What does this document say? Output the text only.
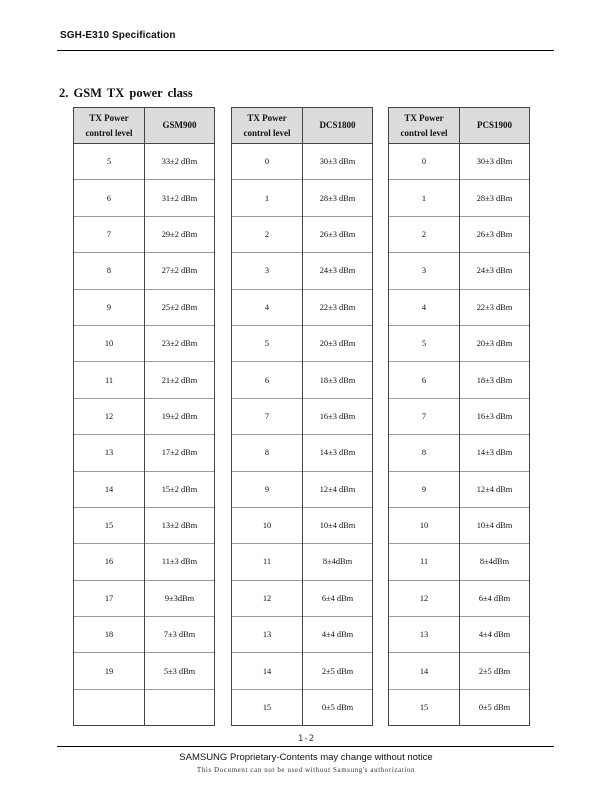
SGH-E310 Specification
2. GSM TX power class
TX Power
control level	GSM900
5	33±2 dBm
6	31±2 dBm
7	29±2 dBm
8	27±2 dBm
9	25±2 dBm
10	23±2 dBm
11	21±2 dBm
12	19±2 dBm
13	17±2 dBm
14	15±2 dBm
15	13±2 dBm
16	11±3 dBm
17	9±3dBm
18	7±3 dBm
19	5±3 dBm

TX Power
control level	DCS1800
0	30±3 dBm
1	28±3 dBm
2	26±3 dBm
3	24±3 dBm
4	22±3 dBm
5	20±3 dBm
6	18±3 dBm
7	16±3 dBm
8	14±3 dBm
9	12±4 dBm
10	10±4 dBm
11	8±4dBm
12	6±4 dBm
13	4±4 dBm
14	2±5 dBm
15	0±5 dBm
TX Power
control level	PCS1900
0	30±3 dBm
1	28±3 dBm
2	26±3 dBm
3	24±3 dBm
4	22±3 dBm
5	20±3 dBm
6	18±3 dBm
7	16±3 dBm
8	14±3 dBm
9	12±4 dBm
10	10±4 dBm
11	8±4dBm
12	6±4 dBm
13	4±4 dBm
14	2±5 dBm
15	0±5 dBm
1-2
SAMSUNG Proprietary-Contents may change without notice
This Document can not be used without Samsung's authorization
